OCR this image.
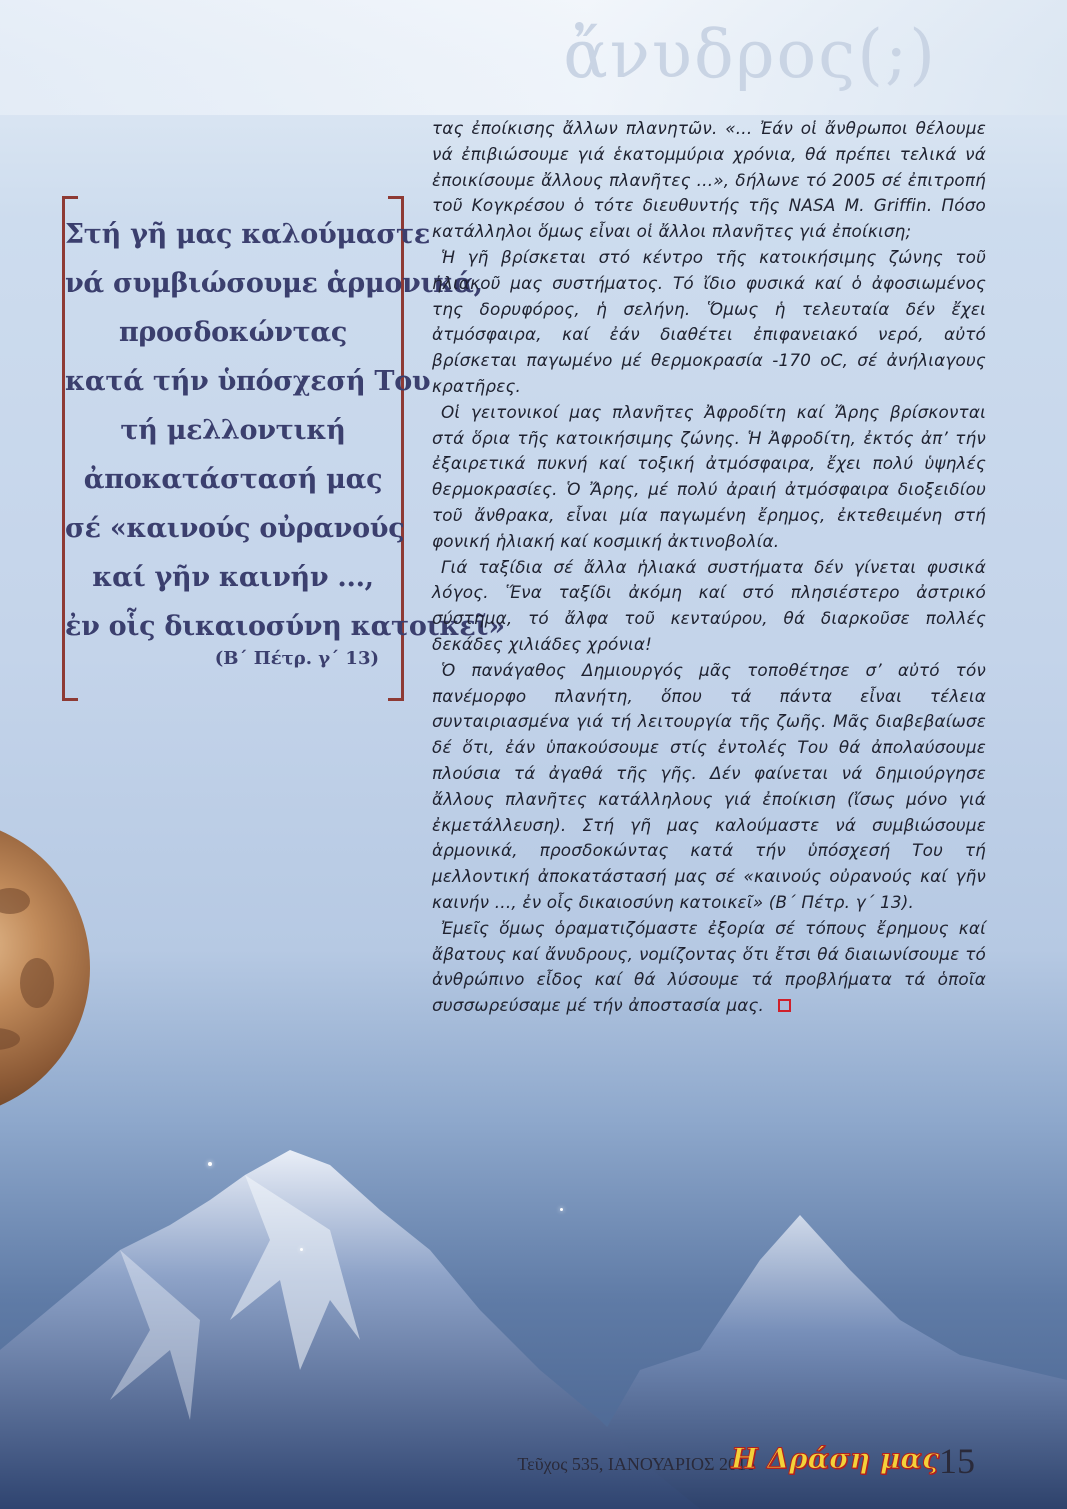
ἄνυδρος(;)
Στή γῆ μας καλούμαστε
νά συμβιώσουμε ἁρμονικά,
προσδοκώντας
κατά τήν ὑπόσχεσή Του
τή μελλοντική
ἀποκατάστασή μας
σέ «καινούς οὐρανούς
καί γῆν καινήν ...,
ἐν οἷς δικαιοσύνη κατοικεῖ»
(Β΄ Πέτρ. γ΄ 13)

τας ἐποίκισης ἄλλων πλανητῶν. «... Ἐάν οἱ ἄνθρωποι θέλουμε νά ἐπιβιώσουμε γιά ἑκατομμύρια χρόνια, θά πρέπει τελικά νά ἐποικίσουμε ἄλλους πλανῆτες ...», δήλωνε τό 2005 σέ ἐπιτροπή τοῦ Κογκρέσου ὁ τότε διευθυντής τῆς NASA M. Griffin. Πόσο κατάλληλοι ὅμως εἶναι οἱ ἄλλοι πλανῆτες γιά ἐποίκιση;

Ἡ γῆ βρίσκεται στό κέντρο τῆς κατοικήσιμης ζώνης τοῦ ἡλιακοῦ μας συστήματος. Τό ἴδιο φυσικά καί ὁ ἀφοσιωμένος της δορυφόρος, ἡ σελήνη. Ὅμως ἡ τελευταία δέν ἔχει ἀτμόσφαιρα, καί ἐάν διαθέτει ἐπιφανειακό νερό, αὐτό βρίσκεται παγωμένο μέ θερμοκρασία -170 οC, σέ ἀνήλιαγους κρατῆρες.

Οἱ γειτονικοί μας πλανῆτες Ἀφροδίτη καί Ἄρης βρίσκονται στά ὅρια τῆς κατοικήσιμης ζώνης. Ἡ Ἀφροδίτη, ἐκτός ἀπ’ τήν ἐξαιρετικά πυκνή καί τοξική ἀτμόσφαιρα, ἔχει πολύ ὑψηλές θερμοκρασίες. Ὁ Ἄρης, μέ πολύ ἀραιή ἀτμόσφαιρα διοξειδίου τοῦ ἄνθρακα, εἶναι μία παγωμένη ἔρημος, ἐκτεθειμένη στή φονική ἡλιακή καί κοσμική ἀκτινοβολία.

Γιά ταξίδια σέ ἄλλα ἡλιακά συστήματα δέν γίνεται φυσικά λόγος. Ἕνα ταξίδι ἀκόμη καί στό πλησιέστερο ἀστρικό σύστημα, τό ἄλφα τοῦ κενταύρου, θά διαρκοῦσε πολλές δεκάδες χιλιάδες χρόνια!

Ὁ πανάγαθος Δημιουργός μᾶς τοποθέτησε σ’ αὐτό τόν πανέμορφο πλανήτη, ὅπου τά πάντα εἶναι τέλεια συνταιριασμένα γιά τή λειτουργία τῆς ζωῆς. Μᾶς διαβεβαίωσε δέ ὅτι, ἐάν ὑπακούσουμε στίς ἐντολές Του θά ἀπολαύσουμε πλούσια τά ἀγαθά τῆς γῆς. Δέν φαίνεται νά δημιούργησε ἄλλους πλανῆτες κατάλληλους γιά ἐποίκιση (ἴσως μόνο γιά ἐκμετάλλευση). Στή γῆ μας καλούμαστε νά συμβιώσουμε ἁρμονικά, προσδοκώντας κατά τήν ὑπόσχεσή Του τή μελλοντική ἀποκατάστασή μας σέ «καινούς οὐρανούς καί γῆν καινήν ..., ἐν οἷς δικαιοσύνη κατοικεῖ» (Β΄ Πέτρ. γ΄ 13).

Ἐμεῖς ὅμως ὁραματιζόμαστε ἐξορία σέ τόπους ἔρημους καί ἄβατους καί ἄνυδρους, νομίζοντας ὅτι ἔτσι θά διαιωνίσουμε τό ἀνθρώπινο εἶδος καί θά λύσουμε τά προβλήματα τά ὁποῖα συσσωρεύσαμε μέ τήν ἀποστασία μας.

Τεῦχος 535, ΙΑΝΟΥΑΡΙΟΣ 2016
Η Δράση μας 15
